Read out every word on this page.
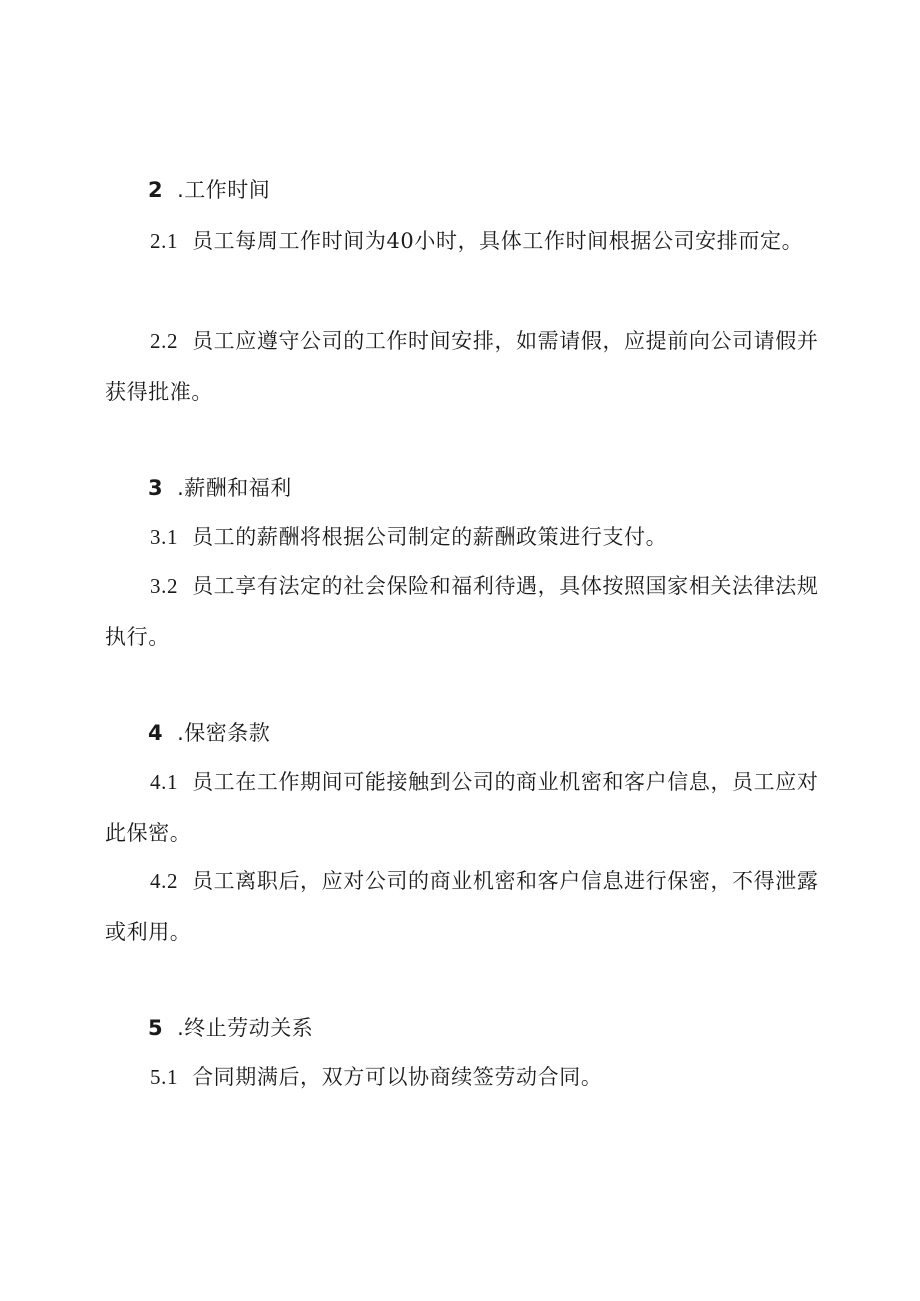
2 .工作时间

2.1 员工每周工作时间为40小时，具体工作时间根据公司安排而定。

2.2 员工应遵守公司的工作时间安排，如需请假，应提前向公司请假并获得批准。

3 .薪酬和福利

3.1 员工的薪酬将根据公司制定的薪酬政策进行支付。

3.2 员工享有法定的社会保险和福利待遇，具体按照国家相关法律法规执行。

4 .保密条款

4.1 员工在工作期间可能接触到公司的商业机密和客户信息，员工应对此保密。

4.2 员工离职后，应对公司的商业机密和客户信息进行保密，不得泄露或利用。

5 .终止劳动关系

5.1 合同期满后，双方可以协商续签劳动合同。
